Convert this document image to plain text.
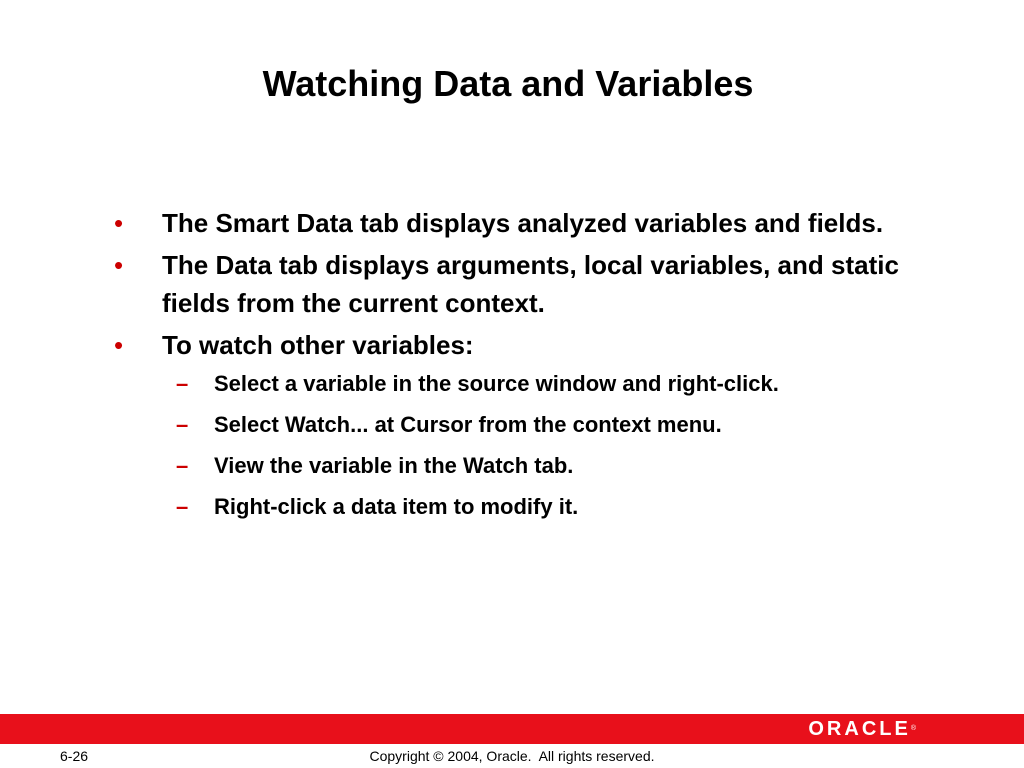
Watching Data and Variables
• The Smart Data tab displays analyzed variables and fields.
• The Data tab displays arguments, local variables, and static fields from the current context.
• To watch other variables:
– Select a variable in the source window and right-click.
– Select Watch... at Cursor from the context menu.
– View the variable in the Watch tab.
– Right-click a data item to modify it.
ORACLE®
6-26	Copyright © 2004, Oracle.  All rights reserved.
